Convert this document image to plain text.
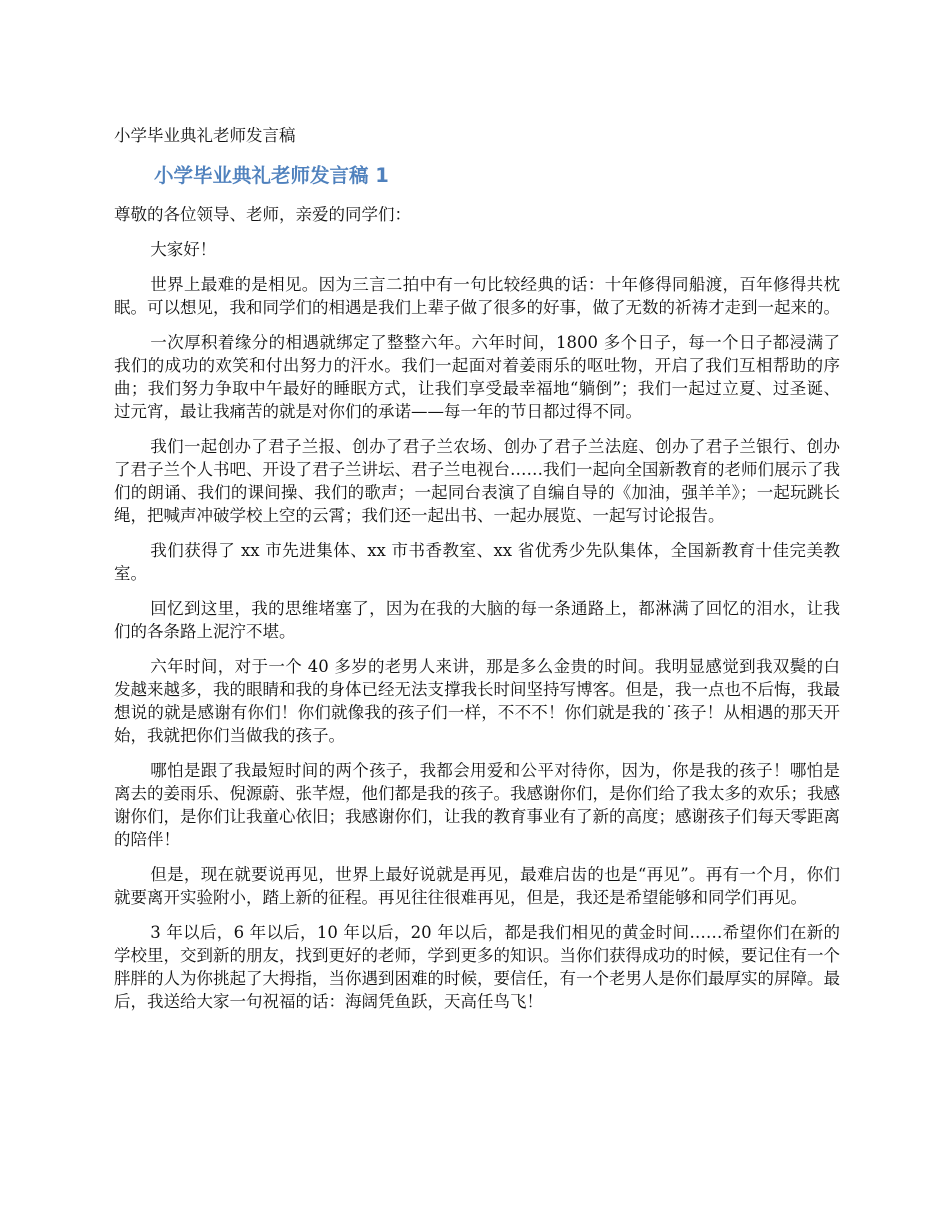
小学毕业典礼老师发言稿
小学毕业典礼老师发言稿 1
尊敬的各位领导、老师，亲爱的同学们：
大家好！
世界上最难的是相见。因为三言二拍中有一句比较经典的话：十年修得同船渡，百年修得共枕眠。可以想见，我和同学们的相遇是我们上辈子做了很多的好事，做了无数的祈祷才走到一起来的。
一次厚积着缘分的相遇就绑定了整整六年。六年时间，1800 多个日子，每一个日子都浸满了我们的成功的欢笑和付出努力的汗水。我们一起面对着姜雨乐的呕吐物，开启了我们互相帮助的序曲；我们努力争取中午最好的睡眠方式，让我们享受最幸福地“躺倒”；我们一起过立夏、过圣诞、过元宵，最让我痛苦的就是对你们的承诺——每一年的节日都过得不同。
我们一起创办了君子兰报、创办了君子兰农场、创办了君子兰法庭、创办了君子兰银行、创办了君子兰个人书吧、开设了君子兰讲坛、君子兰电视台……我们一起向全国新教育的老师们展示了我们的朗诵、我们的课间操、我们的歌声；一起同台表演了自编自导的《加油，强羊羊》；一起玩跳长绳，把喊声冲破学校上空的云霄；我们还一起出书、一起办展览、一起写讨论报告。
我们获得了 xx 市先进集体、xx 市书香教室、xx 省优秀少先队集体，全国新教育十佳完美教室。
回忆到这里，我的思维堵塞了，因为在我的大脑的每一条通路上，都淋满了回忆的泪水，让我们的各条路上泥泞不堪。
六年时间，对于一个 40 多岁的老男人来讲，那是多么金贵的时间。我明显感觉到我双鬓的白发越来越多，我的眼睛和我的身体已经无法支撑我长时间坚持写博客。但是，我一点也不后悔，我最想说的就是感谢有你们！你们就像我的孩子们一样，不不不！你们就是我的˙孩子！从相遇的那天开始，我就把你们当做我的孩子。
哪怕是跟了我最短时间的两个孩子，我都会用爱和公平对待你，因为，你是我的孩子！哪怕是离去的姜雨乐、倪源蔚、张芊煜，他们都是我的孩子。我感谢你们，是你们给了我太多的欢乐；我感谢你们，是你们让我童心依旧；我感谢你们，让我的教育事业有了新的高度；感谢孩子们每天零距离的陪伴！
但是，现在就要说再见，世界上最好说就是再见，最难启齿的也是“再见”。再有一个月，你们就要离开实验附小，踏上新的征程。再见往往很难再见，但是，我还是希望能够和同学们再见。
3 年以后，6 年以后，10 年以后，20 年以后，都是我们相见的黄金时间……希望你们在新的学校里，交到新的朋友，找到更好的老师，学到更多的知识。当你们获得成功的时候，要记住有一个胖胖的人为你挑起了大拇指，当你遇到困难的时候，要信任，有一个老男人是你们最厚实的屏障。最后，我送给大家一句祝福的话：海阔凭鱼跃，天高任鸟飞！
